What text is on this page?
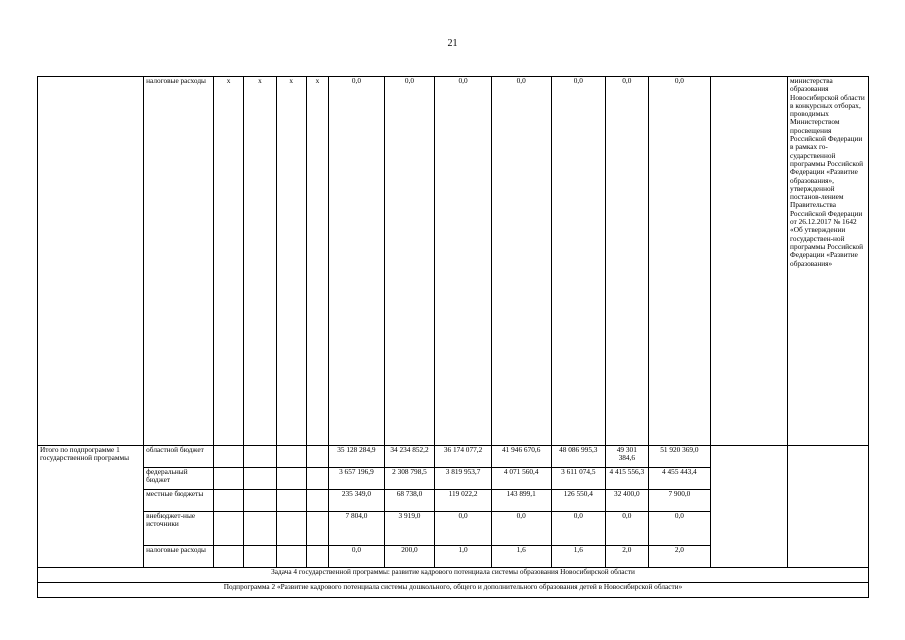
21
	налоговые расходы	х	х	х	х	0,0	0,0	0,0	0,0	0,0	0,0	0,0		министерства образования Новосибирской области в конкурсных отборах, проводимых Министерством просвещения Российской Федерации в рамках го-сударственной программы Российской Федерации «Развитие образования», утвержденной постанов-лением Правительства Российской Федерации от 26.12.2017 № 1642 «Об утверждении государствен-ной программы Российской Федерации «Развитие образования»
Итого по подпрограмме 1 государственной программы	областной бюджет					35 128 284,9	34 234 852,2	36 174 077,2	41 946 670,6	48 086 995,3	49 301 384,6	51 920 369,0		
	федеральный бюджет					3 657 196,9	2 308 798,5	3 819 953,7	4 071 560,4	3 611 074,5	4 415 556,3	4 455 443,4		
	местные бюджеты					235 349,0	68 738,0	119 022,2	143 899,1	126 550,4	32 400,0	7 900,0		
	внебюджет-ные источники					7 804,0	3 919,0	0,0	0,0	0,0	0,0	0,0		
	налоговые расходы					0,0	200,0	1,0	1,6	1,6	2,0	2,0		
Задача 4 государственной программы: развитие кадрового потенциала системы образования Новосибирской области														
Подпрограмма 2 «Развитие кадрового потенциала системы дошкольного, общего и дополнительного образования детей в Новосибирской области»														
